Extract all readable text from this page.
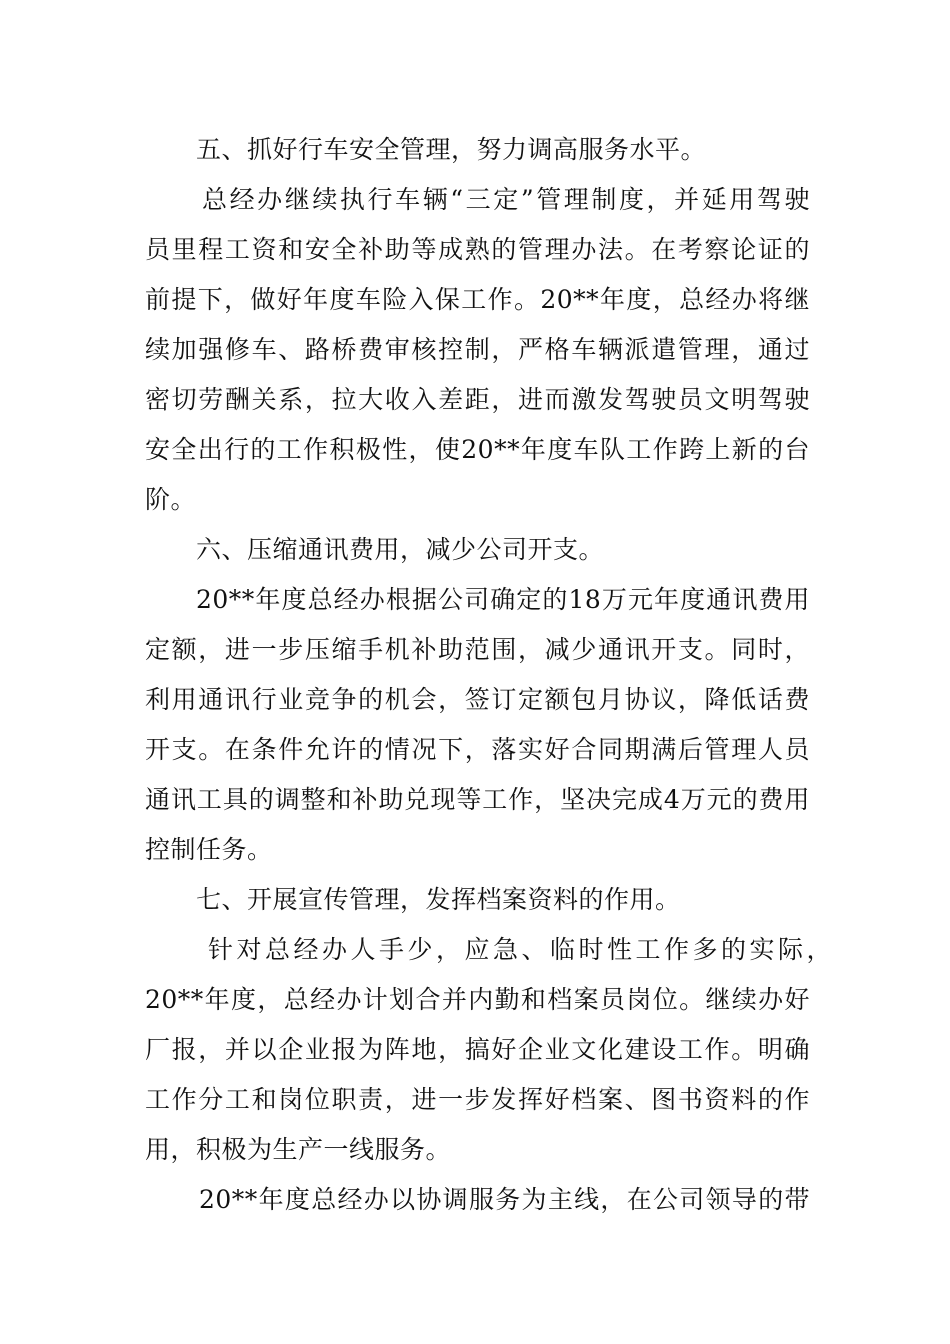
五、抓好行车安全管理，努力调高服务水平。
总经办继续执行车辆“三定”管理制度，并延用驾驶
员里程工资和安全补助等成熟的管理办法。在考察论证的
前提下，做好年度车险入保工作。20**年度，总经办将继
续加强修车、路桥费审核控制，严格车辆派遣管理，通过
密切劳酬关系，拉大收入差距，进而激发驾驶员文明驾驶
安全出行的工作积极性，使20**年度车队工作跨上新的台
阶。
六、压缩通讯费用，减少公司开支。
20**年度总经办根据公司确定的18万元年度通讯费用
定额，进一步压缩手机补助范围，减少通讯开支。同时，
利用通讯行业竞争的机会，签订定额包月协议，降低话费
开支。在条件允许的情况下，落实好合同期满后管理人员
通讯工具的调整和补助兑现等工作，坚决完成4万元的费用
控制任务。
七、开展宣传管理，发挥档案资料的作用。
针对总经办人手少，应急、临时性工作多的实际，
20**年度，总经办计划合并内勤和档案员岗位。继续办好
厂报，并以企业报为阵地，搞好企业文化建设工作。明确
工作分工和岗位职责，进一步发挥好档案、图书资料的作
用，积极为生产一线服务。
20**年度总经办以协调服务为主线，在公司领导的带
